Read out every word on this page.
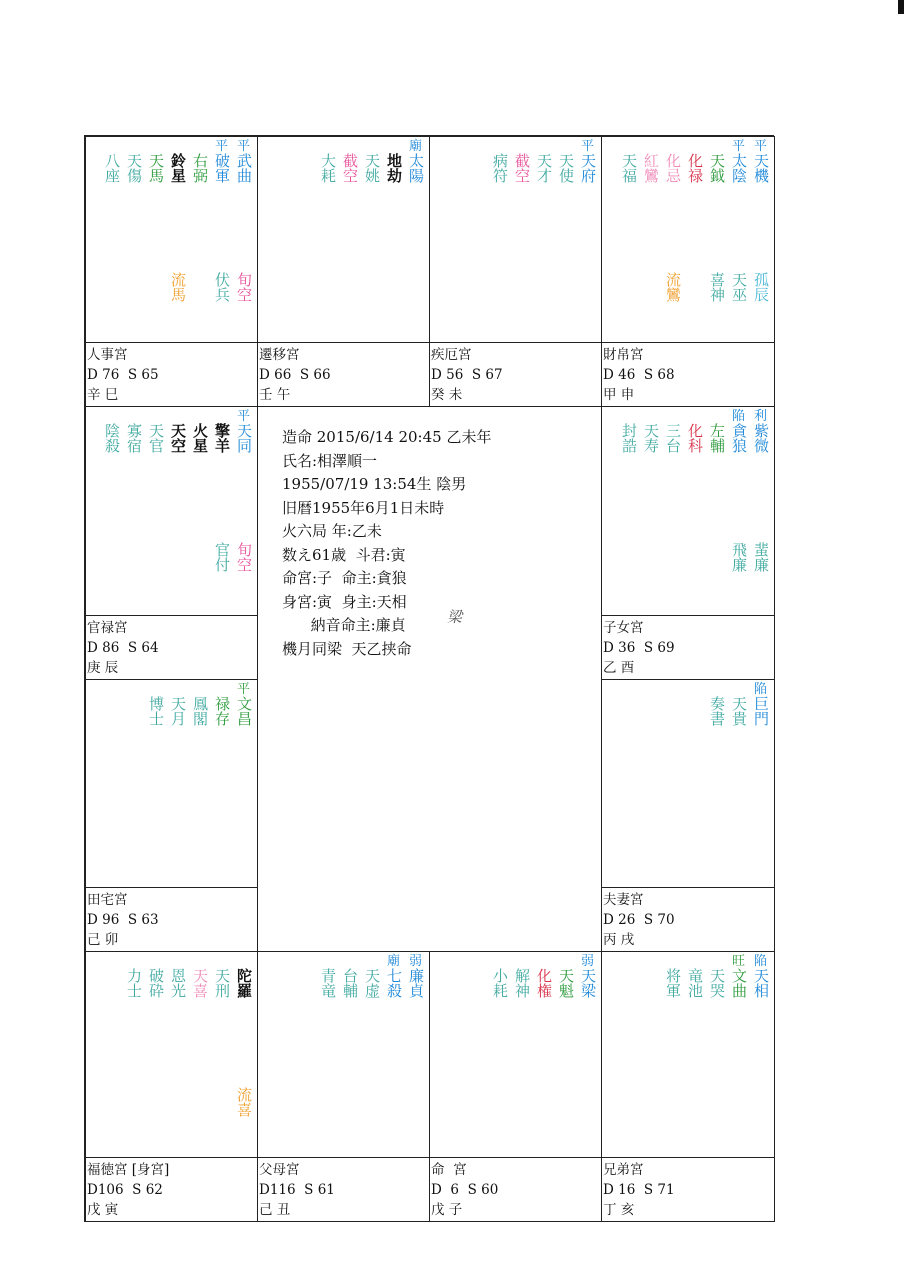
造命 2015/6/14 20:45 乙未年
氏名:相澤順一
1955/07/19 13:54生 陰男
旧暦1955年6月1日未時
火六局 年:乙未
数え61歳  斗君:寅
命宮:子  命主:貪狼
身宮:寅  身主:天相
納音命主:廉貞
機月同梁  天乙挟命
梁
平
武曲
平
破軍
右弼
鈴星
天馬
天傷
八座
旬空
伏兵
流馬
人事宮
D 76  S 65
辛 巳
廟
太陽
地劫
天姚
截空
大耗
遷移宮
D 66  S 66
壬 午
平
天府
天使
天才
截空
病符
疾厄宮
D 56  S 67
癸 未
平
天機
平
太陰
天鉞
化禄
化忌
紅鸞
天福
孤辰
天巫
喜神
流鸞
財帛宮
D 46  S 68
甲 申
平
天同
擎羊
火星
天空
天官
寡宿
陰殺
旬空
官付
官禄宮
D 86  S 64
庚 辰
利
紫微
陥
貪狼
左輔
化科
三台
天寿
封誥
蜚廉
飛廉
子女宮
D 36  S 69
乙 酉
平
文昌
禄存
鳳閣
天月
博士
田宅宮
D 96  S 63
己 卯
陥
巨門
天貴
奏書
夫妻宮
D 26  S 70
丙 戌
陀羅
天刑
天喜
恩光
破砕
力士
流喜
福徳宮 [身宮]
D106  S 62
戊 寅
弱
廉貞
廟
七殺
天虚
台輔
青竜
父母宮
D116  S 61
己 丑
弱
天梁
天魁
化権
解神
小耗
命  宮
D  6  S 60
戊 子
陥
天相
旺
文曲
天哭
竜池
将軍
兄弟宮
D 16  S 71
丁 亥
